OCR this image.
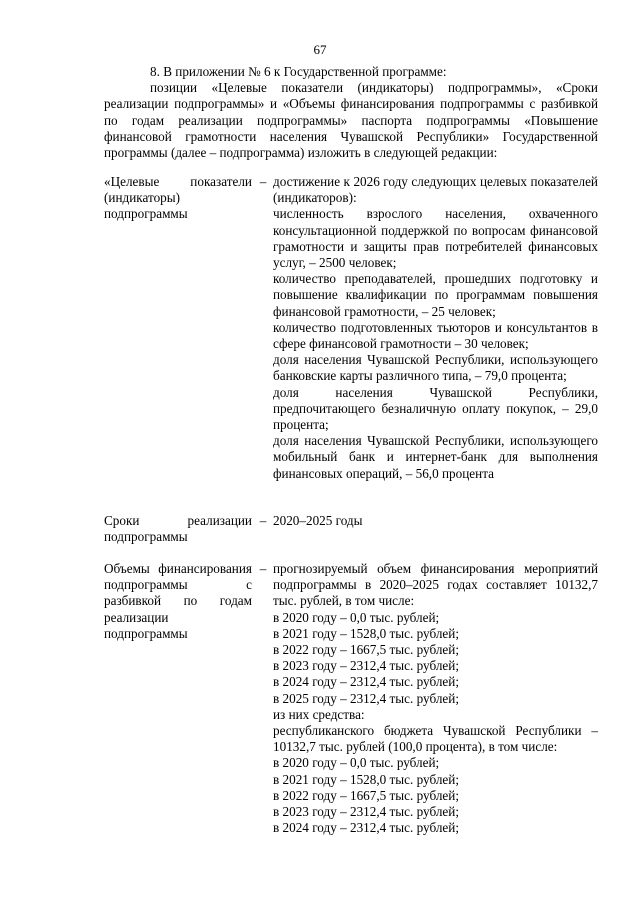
67

8. В приложении № 6 к Государственной программе:

позиции «Целевые показатели (индикаторы) подпрограммы», «Сроки реализации подпрограммы» и «Объемы финансирования подпрограммы с разбивкой по годам реализации подпрограммы» паспорта подпрограммы «Повышение финансовой грамотности населения Чувашской Республики» Государственной программы (далее – подпрограмма) изложить в следующей редакции:

«Целевые показатели (индикаторы) подпрограммы
– достижение к 2026 году следующих целевых показателей (индикаторов):
численность взрослого населения, охваченного консультационной поддержкой по вопросам финансовой грамотности и защиты прав потребителей финансовых услуг, – 2500 человек;
количество преподавателей, прошедших подготовку и повышение квалификации по программам повышения финансовой грамотности, – 25 человек;
количество подготовленных тьюторов и консультантов в сфере финансовой грамотности – 30 человек;
доля населения Чувашской Республики, использующего банковские карты различного типа, – 79,0 процента;
доля населения Чувашской Республики, предпочитающего безналичную оплату покупок, – 29,0 процента;
доля населения Чувашской Республики, использующего мобильный банк и интернет-банк для выполнения финансовых операций, – 56,0 процента
Сроки реализации подпрограммы
– 2020–2025 годы
Объемы финансирования подпрограммы с разбивкой по годам реализации подпрограммы
– прогнозируемый объем финансирования мероприятий подпрограммы в 2020–2025 годах составляет 10132,7 тыс. рублей, в том числе:
в 2020 году – 0,0 тыс. рублей;
в 2021 году – 1528,0 тыс. рублей;
в 2022 году – 1667,5 тыс. рублей;
в 2023 году – 2312,4 тыс. рублей;
в 2024 году – 2312,4 тыс. рублей;
в 2025 году – 2312,4 тыс. рублей;
из них средства:
республиканского бюджета Чувашской Республики – 10132,7 тыс. рублей (100,0 процента), в том числе:
в 2020 году – 0,0 тыс. рублей;
в 2021 году – 1528,0 тыс. рублей;
в 2022 году – 1667,5 тыс. рублей;
в 2023 году – 2312,4 тыс. рублей;
в 2024 году – 2312,4 тыс. рублей;
